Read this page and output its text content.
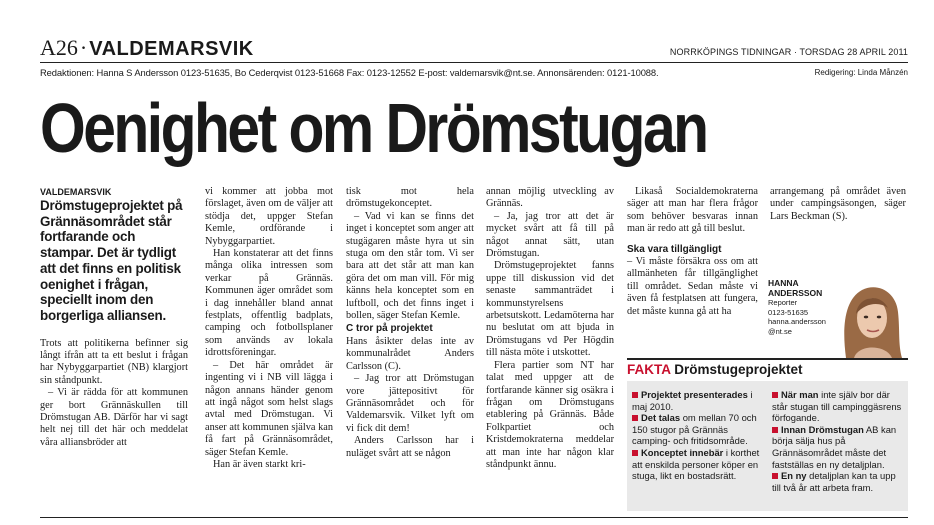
A26· VALDEMARSVIK	NORRKÖPINGS TIDNINGAR · TORSDAG 28 APRIL 2011
Redaktionen: Hanna S Andersson 0123-51635, Bo Cederqvist 0123-51668 Fax: 0123-12552 E-post: valdemarsvik@nt.se. Annonsärenden: 0121-10088.	Redigering: Linda Månzén
Oenighet om Drömstugan
VALDEMARSVIK
Drömstugeprojektet på Grännäsområdet står fortfarande och stampar. Det är tydligt att det finns en politisk oenighet i frågan, speciellt inom den borgerliga alliansen.

Trots att politikerna befinner sig långt ifrån att ta ett beslut i frågan har Nybyggarpartiet (NB) klargjort sin ståndpunkt.

– Vi är rädda för att kommunen ger bort Grännäskullen till Drömstugan AB. Därför har vi sagt helt nej till det här och meddelat våra alliansbröder att

vi kommer att jobba mot förslaget, även om de väljer att stödja det, uppger Stefan Kemle, ordförande i Nybyggarpartiet.

Han konstaterar att det finns många olika intressen som verkar på Grännäs. Kommunen äger området som i dag innehåller bland annat festplats, offentlig badplats, camping och fotbollsplaner som används av lokala idrottsföreningar.

– Det här området är ingenting vi i NB vill lägga i någon annans händer genom att ingå något som helst slags avtal med Drömstugan. Vi anser att kommunen själva kan få fart på Grännäsområdet, säger Stefan Kemle.

Han är även starkt kri-

tisk mot hela drömstugekonceptet.

– Vad vi kan se finns det inget i konceptet som anger att stugägaren måste hyra ut sin stuga om den står tom. Vi ser bara att det står att man kan göra det om man vill. För mig känns hela konceptet som en luftboll, och det finns inget i bollen, säger Stefan Kemle.

C tror på projektet

Hans åsikter delas inte av kommunalrådet Anders Carlsson (C).

– Jag tror att Drömstugan vore jättepositivt för Grännäsområdet och för Valdemarsvik. Vilket lyft om vi fick dit dem!

Anders Carlsson har i nuläget svårt att se någon

annan möjlig utveckling av Grännäs.

– Ja, jag tror att det är mycket svårt att få till på något annat sätt, utan Drömstugan.

Drömstugeprojektet fanns uppe till diskussion vid det senaste sammanträdet i kommunstyrelsens arbetsutskott. Ledamöterna har nu beslutat om att bjuda in Drömstugans vd Per Högdin till nästa möte i utskottet.

Flera partier som NT har talat med uppger att de fortfarande känner sig osäkra i frågan om Drömstugans etablering på Grännäs. Både Folkpartiet och Kristdemokraterna meddelar att man inte har någon klar ståndpunkt ännu.

Likaså Socialdemokraterna säger att man har flera frågor som behöver besvaras innan man är redo att gå till beslut.

Ska vara tillgängligt

– Vi måste försäkra oss om att allmänheten får tillgänglighet till området. Sedan måste vi även få festplatsen att fungera, det måste kunna gå att ha

arrangemang på området även under campingsäsongen, säger Lars Beckman (S).

HANNA ANDERSSON
Reporter
0123-51635
hanna.andersson @nt.se
FAKTA Drömstugeprojektet
Projektet presenterades i maj 2010.
Det talas om mellan 70 och 150 stugor på Grännäs camping- och fritidsområde.
Konceptet innebär i korthet att enskilda personer köper en stuga, likt en bostadsrätt.
När man inte själv bor där står stugan till campinggäsrens förfogande.
Innan Drömstugan AB kan börja sälja hus på Grännäsområdet måste det fastställas en ny detaljplan.
En ny detaljplan kan ta upp till två år att arbeta fram.
